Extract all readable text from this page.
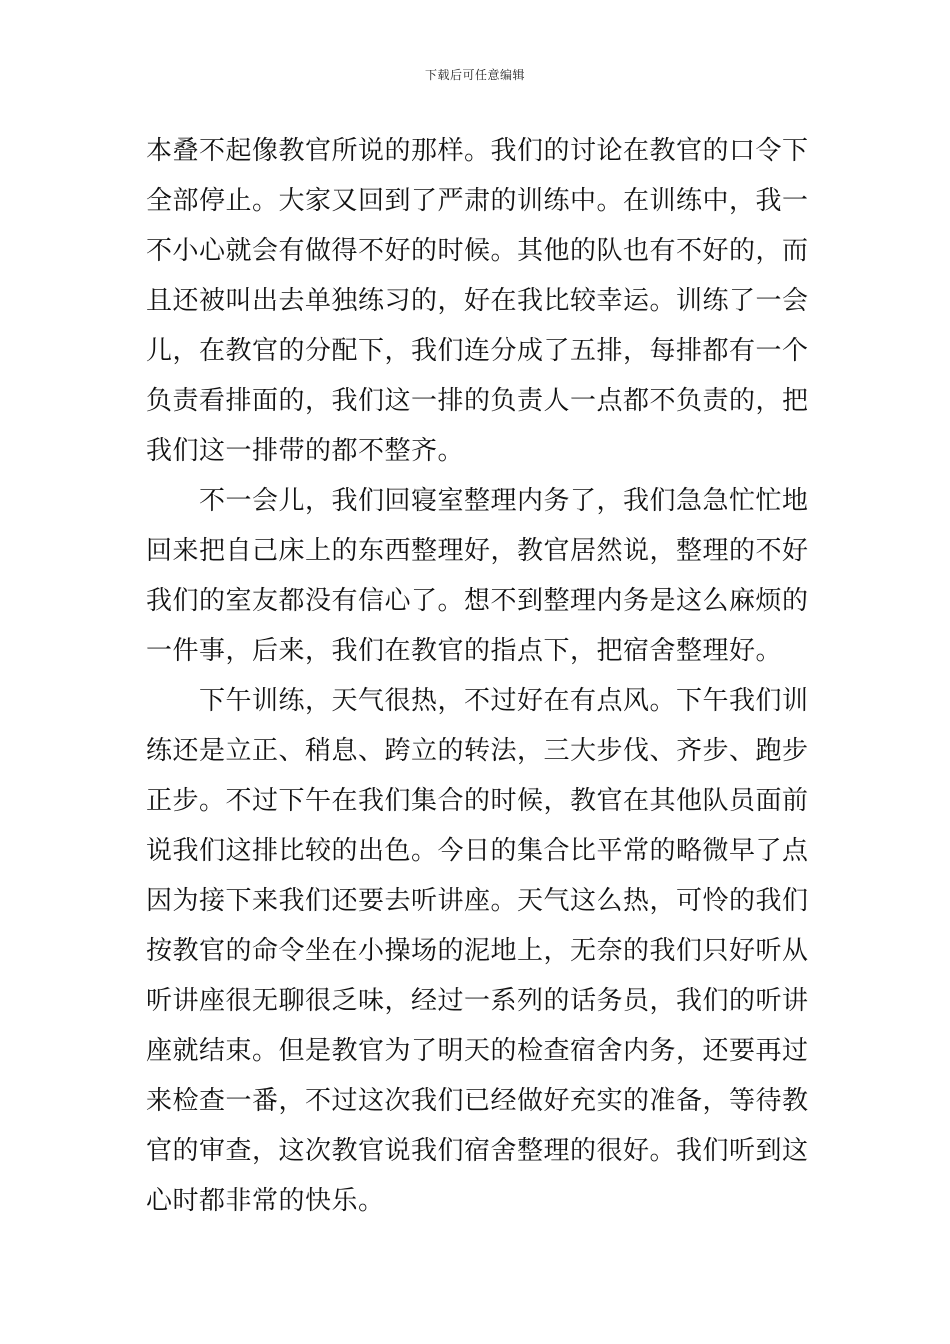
下载后可任意编辑
本叠不起像教官所说的那样。我们的讨论在教官的口令下
全部停止。大家又回到了严肃的训练中。在训练中，我一
不小心就会有做得不好的时候。其他的队也有不好的，而
且还被叫出去单独练习的，好在我比较幸运。训练了一会
儿，在教官的分配下，我们连分成了五排，每排都有一个
负责看排面的，我们这一排的负责人一点都不负责的，把
我们这一排带的都不整齐。
　　不一会儿，我们回寝室整理内务了，我们急急忙忙地
回来把自己床上的东西整理好，教官居然说，整理的不好
我们的室友都没有信心了。想不到整理内务是这么麻烦的
一件事，后来，我们在教官的指点下，把宿舍整理好。
　　下午训练，天气很热，不过好在有点风。下午我们训
练还是立正、稍息、跨立的转法，三大步伐、齐步、跑步
正步。不过下午在我们集合的时候，教官在其他队员面前
说我们这排比较的出色。今日的集合比平常的略微早了点
因为接下来我们还要去听讲座。天气这么热，可怜的我们
按教官的命令坐在小操场的泥地上，无奈的我们只好听从
听讲座很无聊很乏味，经过一系列的话务员，我们的听讲
座就结束。但是教官为了明天的检查宿舍内务，还要再过
来检查一番，不过这次我们已经做好充实的准备，等待教
官的审查，这次教官说我们宿舍整理的很好。我们听到这
心时都非常的快乐。
